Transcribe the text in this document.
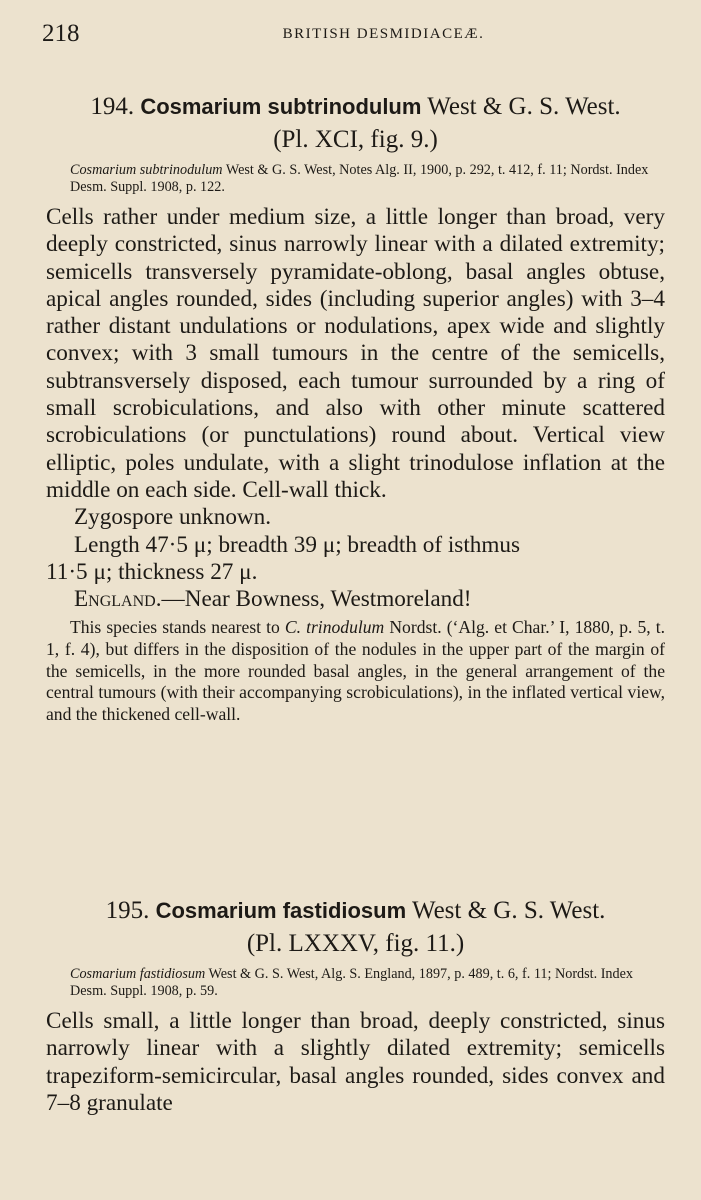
218	BRITISH DESMIDIACEÆ.
194. Cosmarium subtrinodulum West & G. S. West.
(Pl. XCI, fig. 9.)
Cosmarium subtrinodulum West & G. S. West, Notes Alg. II, 1900, p. 292, t. 412, f. 11; Nordst. Index Desm. Suppl. 1908, p. 122.
Cells rather under medium size, a little longer than broad, very deeply constricted, sinus narrowly linear with a dilated extremity; semicells transversely pyramidate-oblong, basal angles obtuse, apical angles rounded, sides (including superior angles) with 3–4 rather distant undulations or nodulations, apex wide and slightly convex; with 3 small tumours in the centre of the semicells, subtransversely disposed, each tumour surrounded by a ring of small scrobiculations, and also with other minute scattered scrobiculations (or punctulations) round about. Vertical view elliptic, poles undulate, with a slight trinodulose inflation at the middle on each side. Cell-wall thick.

Zygospore unknown.

Length 47·5 μ; breadth 39 μ; breadth of isthmus
11·5 μ; thickness 27 μ.

England.—Near Bowness, Westmoreland!

This species stands nearest to C. trinodulum Nordst. (‘Alg. et Char.’ I, 1880, p. 5, t. 1, f. 4), but differs in the disposition of the nodules in the upper part of the margin of the semicells, in the more rounded basal angles, in the general arrangement of the central tumours (with their accompanying scrobiculations), in the inflated vertical view, and the thickened cell-wall.
195. Cosmarium fastidiosum West & G. S. West.
(Pl. LXXXV, fig. 11.)
Cosmarium fastidiosum West & G. S. West, Alg. S. England, 1897, p. 489, t. 6, f. 11; Nordst. Index Desm. Suppl. 1908, p. 59.
Cells small, a little longer than broad, deeply constricted, sinus narrowly linear with a slightly dilated extremity; semicells trapeziform-semicircular, basal angles rounded, sides convex and 7–8 granulate
